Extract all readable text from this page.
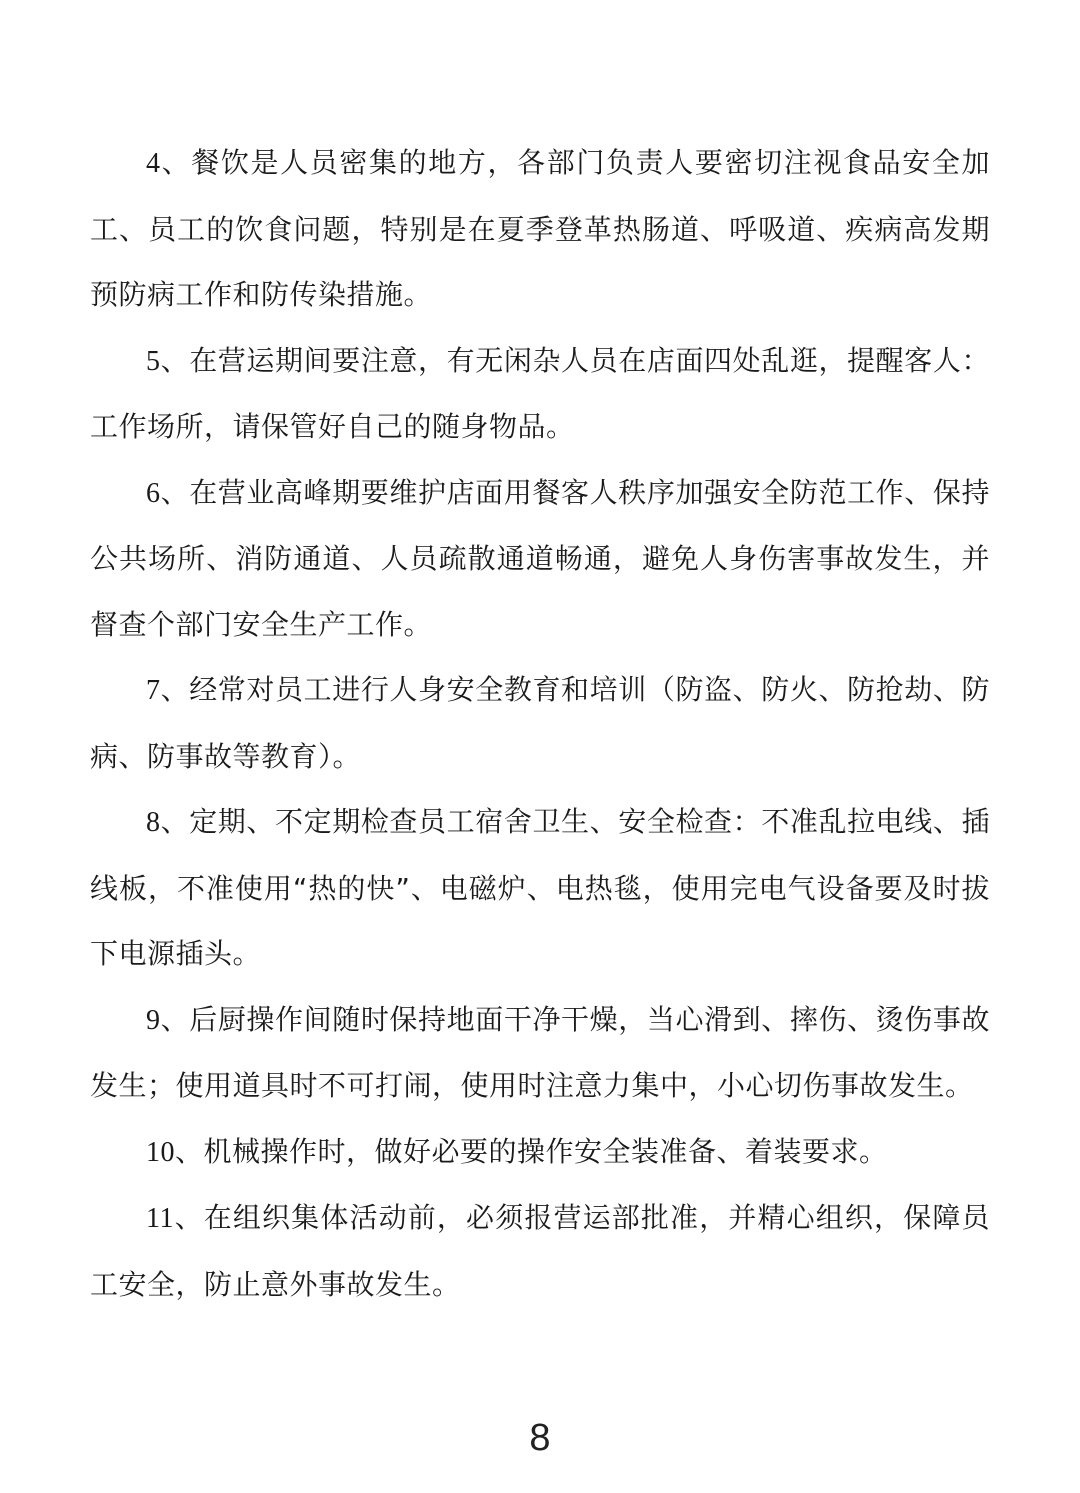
4、餐饮是人员密集的地方，各部门负责人要密切注视食品安全加工、员工的饮食问题，特别是在夏季登革热肠道、呼吸道、疾病高发期预防病工作和防传染措施。

5、在营运期间要注意，有无闲杂人员在店面四处乱逛，提醒客人：工作场所，请保管好自己的随身物品。

6、在营业高峰期要维护店面用餐客人秩序加强安全防范工作、保持公共场所、消防通道、人员疏散通道畅通，避免人身伤害事故发生，并督查个部门安全生产工作。

7、经常对员工进行人身安全教育和培训（防盗、防火、防抢劫、防病、防事故等教育）。

8、定期、不定期检查员工宿舍卫生、安全检查：不准乱拉电线、插线板，不准使用“热的快”、电磁炉、电热毯，使用完电气设备要及时拔下电源插头。

9、后厨操作间随时保持地面干净干燥，当心滑到、摔伤、烫伤事故发生；使用道具时不可打闹，使用时注意力集中，小心切伤事故发生。

10、机械操作时，做好必要的操作安全装准备、着装要求。

11、在组织集体活动前，必须报营运部批准，并精心组织，保障员工安全，防止意外事故发生。

8
